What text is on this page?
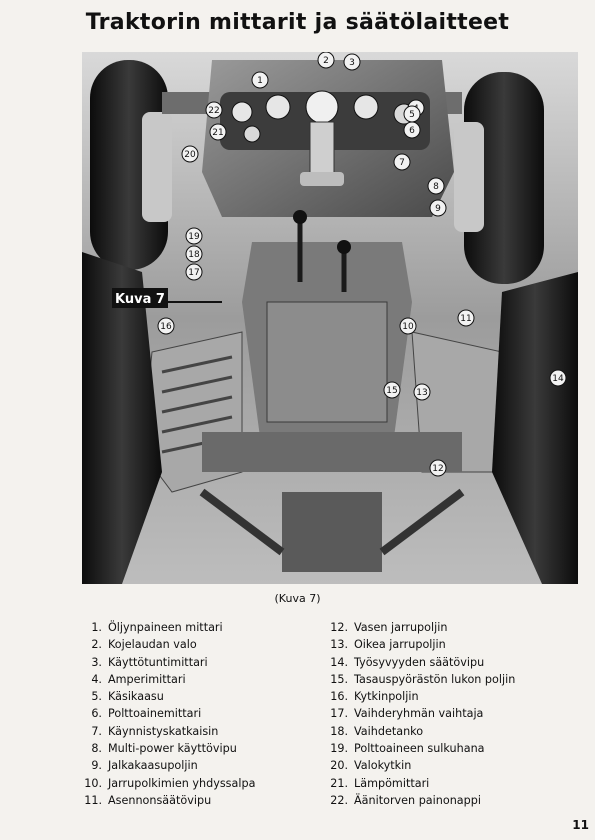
Traktorin mittarit ja säätölaitteet
Kuva 7
1
2 3
5
6
7
8
9
10
11
12
13
14
15
16
17
18
19
20
21
22
(Kuva 7)
1. Öljynpaineen mittari
2. Kojelaudan valo
3. Käyttötuntimittari
4. Amperimittari
5. Käsikaasu
6. Polttoainemittari
7. Käynnistyskatkaisin
8. Multi-power käyttövipu
9. Jalkakaasupoljin
10. Jarrupolkimien yhdyssalpa
11. Asennonsäätövipu
12. Vasen jarrupoljin
13. Oikea jarrupoljin
14. Työsyvyyden säätövipu
15. Tasauspyörästön lukon poljin
16. Kytkinpoljin
17. Vaihderyhmän vaihtaja
18. Vaihdetanko
19. Polttoaineen sulkuhana
20. Valokytkin
21. Lämpömittari
22. Äänitorven painonappi
11
